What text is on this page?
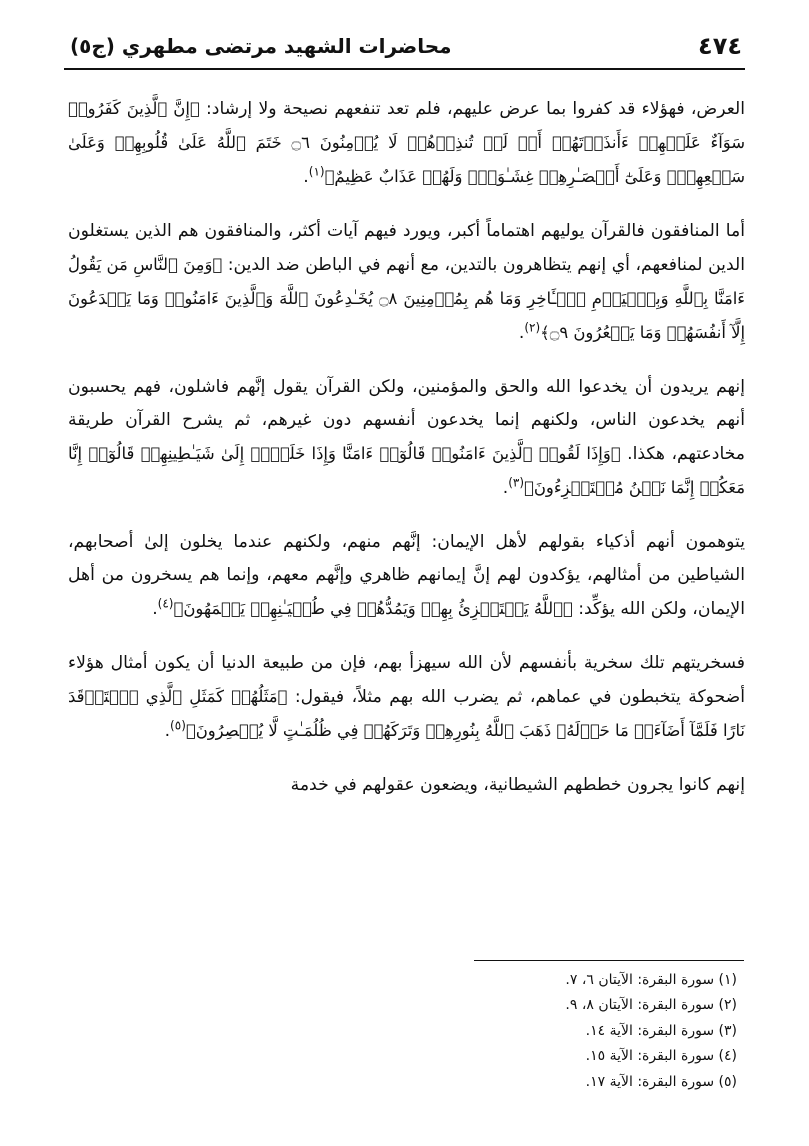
٤٧٤
محاضرات الشهيد مرتضى مطهري (ج٥)

العرض، فهؤلاء قد كفروا بما عرض عليهم، فلم تعد تنفعهم نصيحة ولا إرشاد: ﴿إِنَّ ٱلَّذِينَ كَفَرُوا۟ سَوَآءٌ عَلَيۡهِمۡ ءَأَنذَرۡتَهُمۡ أَمۡ لَمۡ تُنذِرۡهُمۡ لَا يُؤۡمِنُونَ ۝٦ خَتَمَ ٱللَّهُ عَلَىٰ قُلُوبِهِمۡ وَعَلَىٰ سَمۡعِهِمۡۖ وَعَلَىٰٓ أَبۡصَـٰرِهِمۡ غِشَـٰوَةٌۖ وَلَهُمۡ عَذَابٌ عَظِيمٌ﴾$^{(١)}$.

أما المنافقون فالقرآن يوليهم اهتماماً أكبر، ويورد فيهم آيات أكثر، والمنافقون هم الذين يستغلون الدين لمنافعهم، أي إنهم يتظاهرون بالتدين، مع أنهم في الباطن ضد الدين: ﴿وَمِنَ ٱلنَّاسِ مَن يَقُولُ ءَامَنَّا بِٱللَّهِ وَبِٱلۡيَوۡمِ ٱلۡـَٔاخِرِ وَمَا هُم بِمُؤۡمِنِينَ ۝٨ يُخَـٰدِعُونَ ٱللَّهَ وَٱلَّذِينَ ءَامَنُوا۟ وَمَا يَخۡدَعُونَ إِلَّآ أَنفُسَهُمۡ وَمَا يَشۡعُرُونَ ۝٩﴾$^{(٢)}$.

إنهم يريدون أن يخدعوا الله والحق والمؤمنين، ولكن القرآن يقول إنَّهم فاشلون، فهم يحسبون أنهم يخدعون الناس، ولكنهم إنما يخدعون أنفسهم دون غيرهم، ثم يشرح القرآن طريقة مخادعتهم، هكذا. ﴿وَإِذَا لَقُوا۟ ٱلَّذِينَ ءَامَنُوا۟ قَالُوٓا۟ ءَامَنَّا وَإِذَا خَلَوۡا۟ إِلَىٰ شَيَـٰطِينِهِمۡ قَالُوٓا۟ إِنَّا مَعَكُمۡ إِنَّمَا نَحۡنُ مُسۡتَهۡزِءُونَ﴾$^{(٣)}$.

يتوهمون أنهم أذكياء بقولهم لأهل الإيمان: إنَّهم منهم، ولكنهم عندما يخلون إلىٰ أصحابهم، الشياطين من أمثالهم، يؤكدون لهم إنَّ إيمانهم ظاهري وإنَّهم معهم، وإنما هم يسخرون من أهل الإيمان، ولكن الله يؤكِّد: ﴿ٱللَّهُ يَسۡتَهۡزِئُ بِهِمۡ وَيَمُدُّهُمۡ فِي طُغۡيَـٰنِهِمۡ يَعۡمَهُونَ﴾$^{(٤)}$.

فسخريتهم تلك سخرية بأنفسهم لأن الله سيهزأ بهم، فإن من طبيعة الدنيا أن يكون أمثال هؤلاء أضحوكة يتخبطون في عماهم، ثم يضرب الله بهم مثلاً، فيقول: ﴿مَثَلُهُمۡ كَمَثَلِ ٱلَّذِي ٱسۡتَوۡقَدَ نَارًا فَلَمَّآ أَضَآءَتۡ مَا حَوۡلَهُۥ ذَهَبَ ٱللَّهُ بِنُورِهِمۡ وَتَرَكَهُمۡ فِي ظُلُمَـٰتٍ لَّا يُبۡصِرُونَ﴾$^{(٥)}$.

إنهم كانوا يجرون خططهم الشيطانية، ويضعون عقولهم في خدمة

(١) سورة البقرة: الآيتان ٦، ٧.
(٢) سورة البقرة: الآيتان ٨، ٩.
(٣) سورة البقرة: الآية ١٤.
(٤) سورة البقرة: الآية ١٥.
(٥) سورة البقرة: الآية ١٧.
